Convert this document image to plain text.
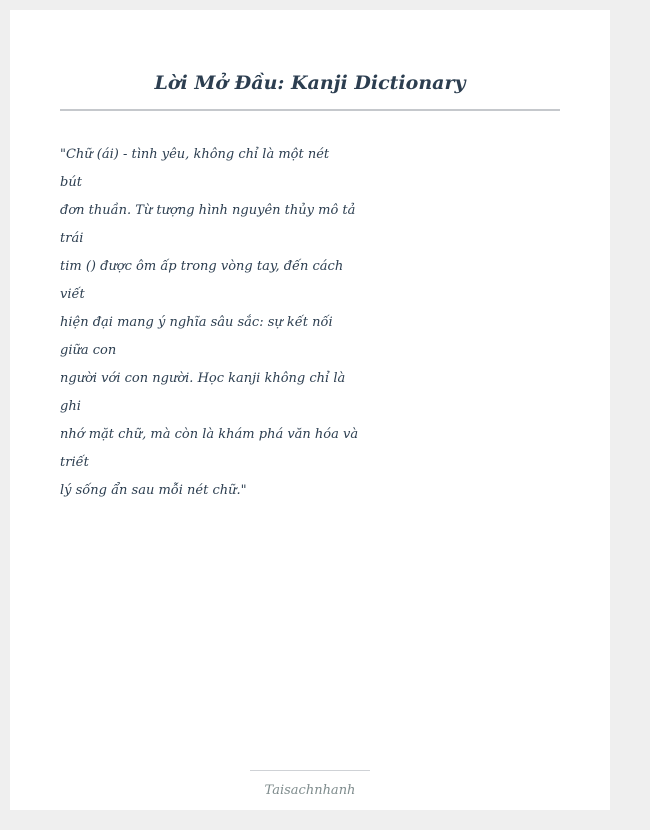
Lời Mở Đầu: Kanji Dictionary
"Chữ (ái) - tình yêu, không chỉ là một nét
bút
đơn thuần. Từ tượng hình nguyên thủy mô tả
trái
tim () được ôm ấp trong vòng tay, đến cách
viết
hiện đại mang ý nghĩa sâu sắc: sự kết nối
giữa con
người với con người. Học kanji không chỉ là
ghi
nhớ mặt chữ, mà còn là khám phá văn hóa và
triết
lý sống ẩn sau mỗi nét chữ."
Taisachnhanh
